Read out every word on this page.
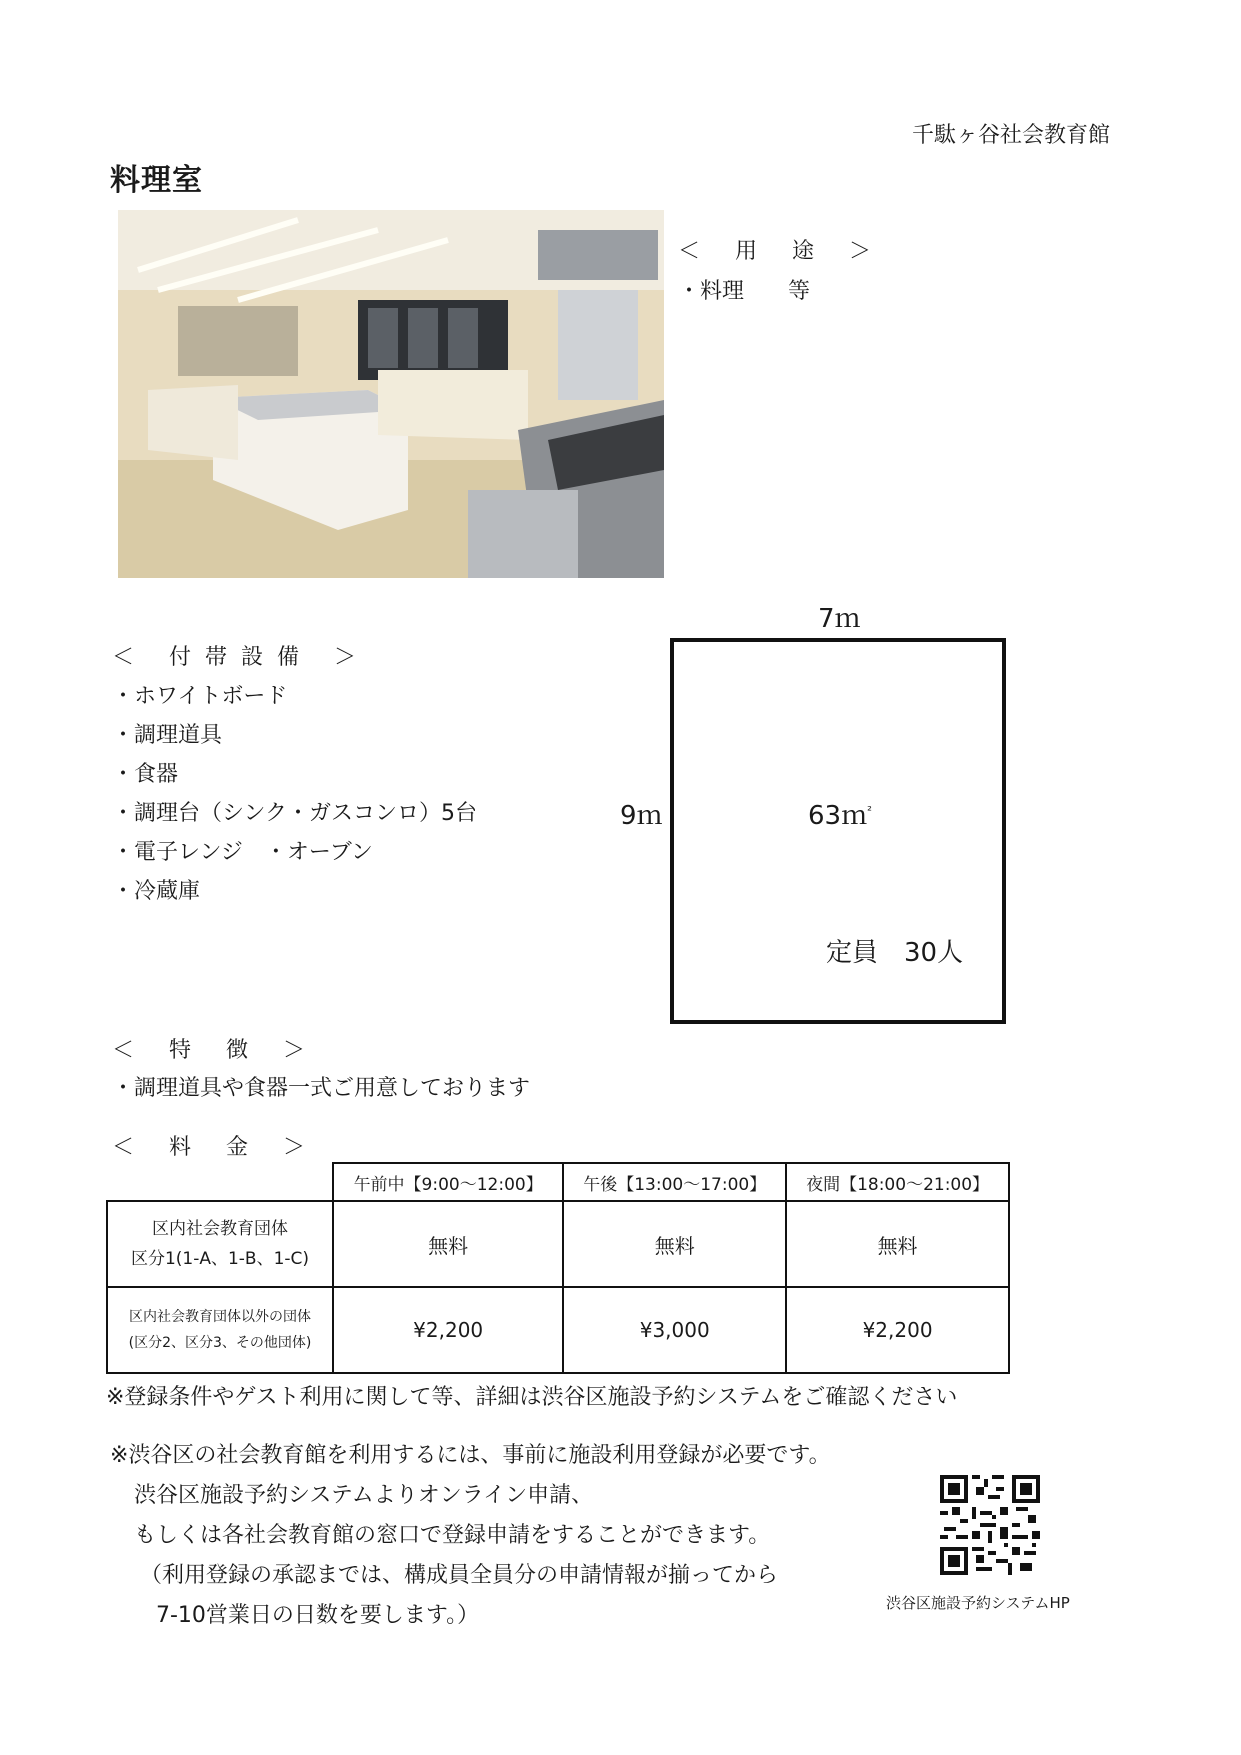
千駄ヶ谷社会教育館
料理室
＜ 用 途 ＞
・料理　　等
＜ 付帯設備 ＞
・ホワイトボード
・調理道具
・食器
・調理台（シンク・ガスコンロ）5台
・電子レンジ　・オーブン
・冷蔵庫
7ｍ
9ｍ	63ｍ$^{^2}$
定員　30人
＜ 特 徴 ＞
・調理道具や食器一式ご用意しております
＜ 料 金 ＞
	午前中【9:00～12:00】	午後【13:00～17:00】	夜間【18:00～21:00】

区内社会教育団体
区分1(1-A、1-B、1-C)	無料	無料	無料

区内社会教育団体以外の団体
(区分2、区分3、その他団体)	¥2,200	¥3,000	¥2,200
※登録条件やゲスト利用に関して等、詳細は渋谷区施設予約システムをご確認ください
※渋谷区の社会教育館を利用するには、事前に施設利用登録が必要です。
渋谷区施設予約システムよりオンライン申請、
もしくは各社会教育館の窓口で登録申請をすることができます。
（利用登録の承認までは、構成員全員分の申請情報が揃ってから
7-10営業日の日数を要します。）	渋谷区施設予約システムHP
